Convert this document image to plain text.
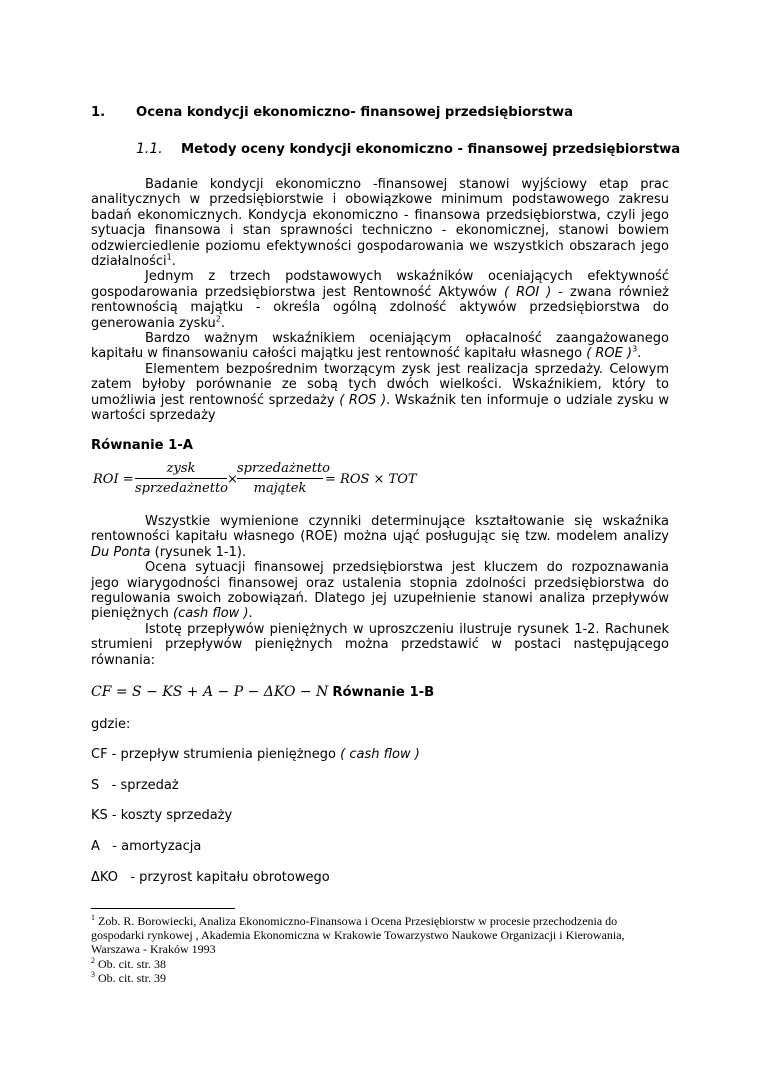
1. Ocena kondycji ekonomiczno- finansowej przedsiębiorstwa
1.1. Metody oceny kondycji ekonomiczno - finansowej przedsiębiorstwa

Badanie kondycji ekonomiczno -finansowej stanowi wyjściowy etap prac analitycznych w przedsiębiorstwie i obowiązkowe minimum podstawowego zakresu badań ekonomicznych. Kondycja ekonomiczno - finansowa przedsiębiorstwa, czyli jego sytuacja finansowa i stan sprawności techniczno - ekonomicznej, stanowi bowiem odzwierciedlenie poziomu efektywności gospodarowania we wszystkich obszarach jego działalności$^1$.

Jednym z trzech podstawowych wskaźników oceniających efektywność gospodarowania przedsiębiorstwa jest Rentowność Aktywów ( ROI ) - zwana również rentownością majątku - określa ogólną zdolność aktywów przedsiębiorstwa do generowania zysku$^2$.

Bardzo ważnym wskaźnikiem oceniającym opłacalność zaangażowanego kapitału w finansowaniu całości majątku jest rentowność kapitału własnego ( ROE )$^3$.

Elementem bezpośrednim tworzącym zysk jest realizacja sprzedaży. Celowym zatem byłoby porównanie ze sobą tych dwóch wielkości. Wskaźnikiem, który to umożliwia jest rentowność sprzedaży ( ROS ). Wskaźnik ten informuje o udziale zysku w wartości sprzedaży

Równanie 1-A
ROI =
zysk
sprzedażnetto
×
sprzedażnetto
majątek
= ROS × TOT

Wszystkie wymienione czynniki determinujące kształtowanie się wskaźnika rentowności kapitału własnego (ROE) można ująć posługując się tzw. modelem analizy Du Ponta (rysunek 1-1).

Ocena sytuacji finansowej przedsiębiorstwa jest kluczem do rozpoznawania jego wiarygodności finansowej oraz ustalenia stopnia zdolności przedsiębiorstwa do regulowania swoich zobowiązań. Dlatego jej uzupełnienie stanowi analiza przepływów pieniężnych (cash flow ).

Istotę przepływów pieniężnych w uproszczeniu ilustruje rysunek 1-2. Rachunek strumieni przepływów pieniężnych można przedstawić w postaci następującego równania:

CF = S − KS + A − P − ΔKO − N Równanie 1-B
gdzie:
CF - przepływ strumienia pieniężnego ( cash flow )
S   - sprzedaż
KS - koszty sprzedaży
A   - amortyzacja
ΔKO   - przyrost kapitału obrotowego
$^1$ Zob. R. Borowiecki, Analiza Ekonomiczno-Finansowa i Ocena Przesiębiorstw w procesie przechodzenia do gospodarki rynkowej , Akademia Ekonomiczna w Krakowie Towarzystwo Naukowe Organizacji i Kierowania, Warszawa - Kraków 1993
$^2$ Ob. cit. str. 38
$^3$ Ob. cit. str. 39
